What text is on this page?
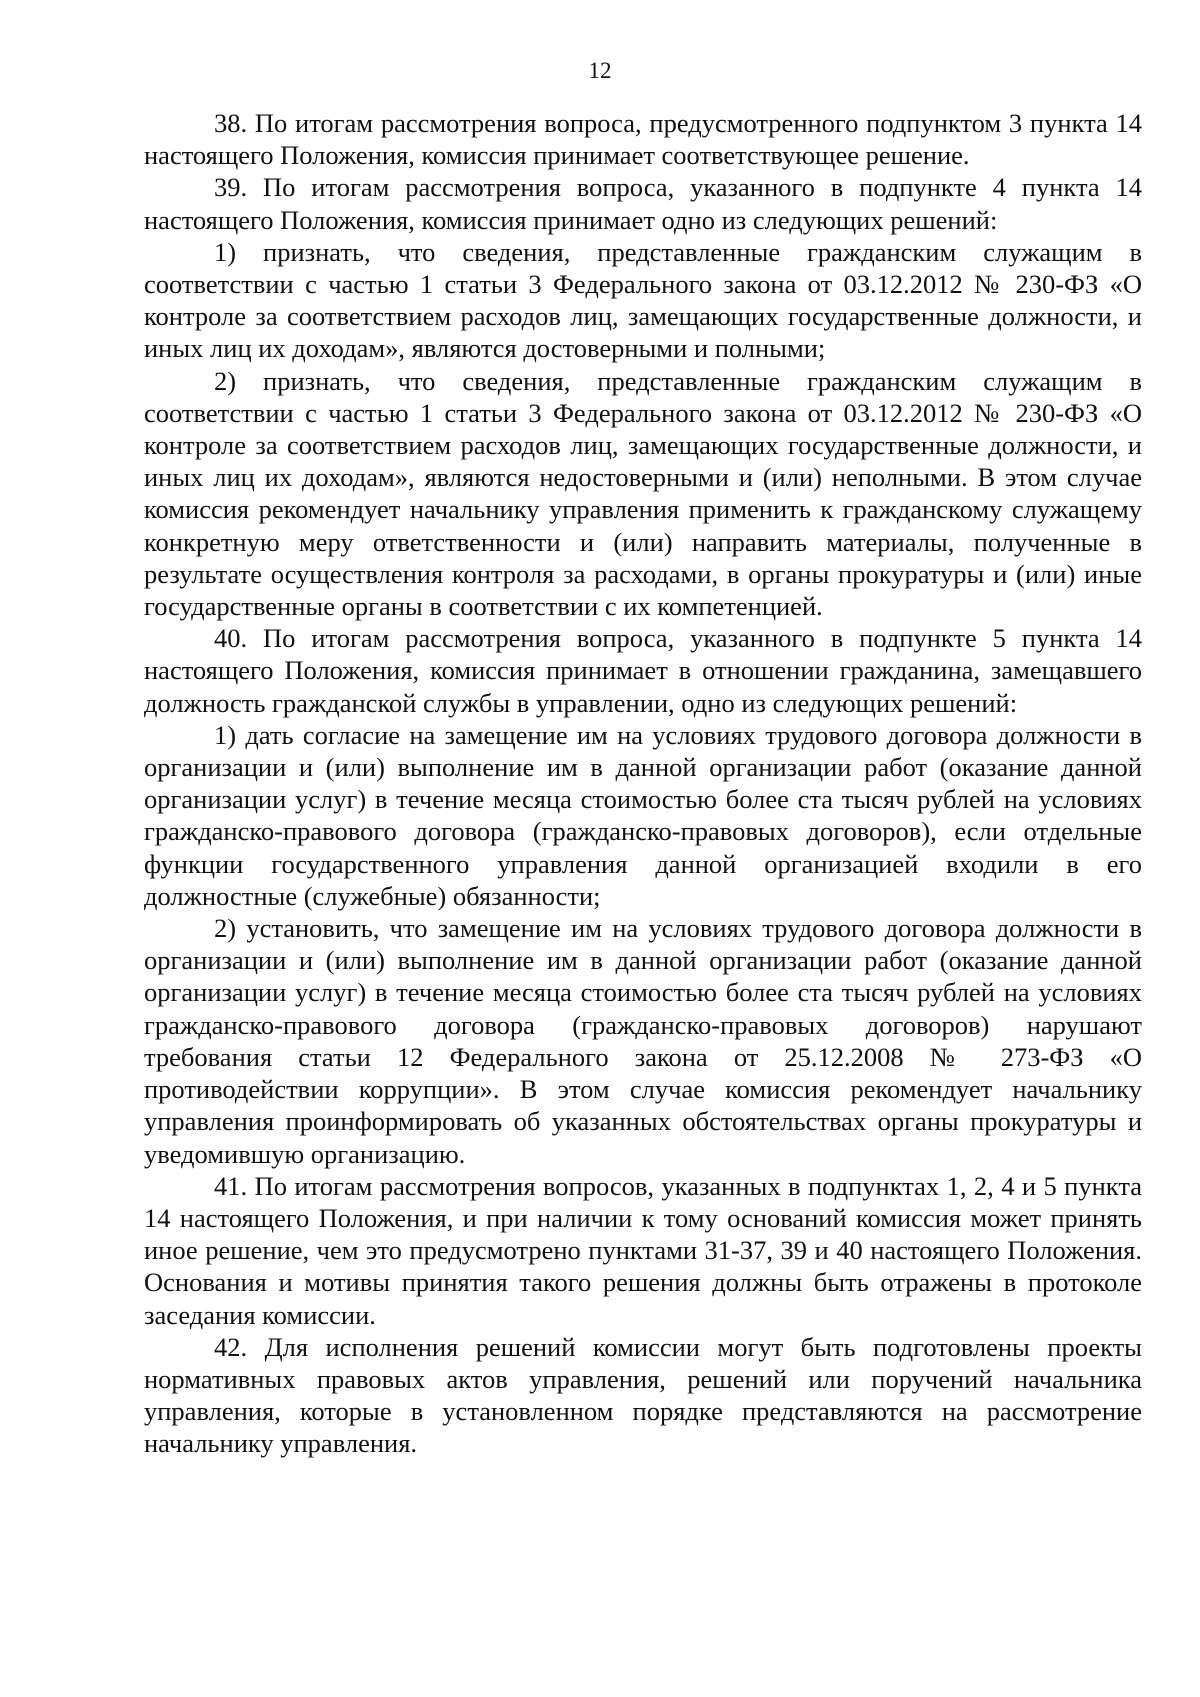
12

38. По итогам рассмотрения вопроса, предусмотренного подпунктом 3 пункта 14 настоящего Положения, комиссия принимает соответствующее решение.

39. По итогам рассмотрения вопроса, указанного в подпункте 4 пункта 14 настоящего Положения, комиссия принимает одно из следующих решений:

1) признать, что сведения, представленные гражданским служащим в соответствии с частью 1 статьи 3 Федерального закона от 03.12.2012 № 230-ФЗ «О контроле за соответствием расходов лиц, замещающих государственные должности, и иных лиц их доходам», являются достоверными и полными;

2) признать, что сведения, представленные гражданским служащим в соответствии с частью 1 статьи 3 Федерального закона от 03.12.2012 № 230-ФЗ «О контроле за соответствием расходов лиц, замещающих государственные должности, и иных лиц их доходам», являются недостоверными и (или) неполными. В этом случае комиссия рекомендует начальнику управления применить к гражданскому служащему конкретную меру ответственности и (или) направить материалы, полученные в результате осуществления контроля за расходами, в органы прокуратуры и (или) иные государственные органы в соответствии с их компетенцией.

40. По итогам рассмотрения вопроса, указанного в подпункте 5 пункта 14 настоящего Положения, комиссия принимает в отношении гражданина, замещавшего должность гражданской службы в управлении, одно из следующих решений:

1) дать согласие на замещение им на условиях трудового договора должности в организации и (или) выполнение им в данной организации работ (оказание данной организации услуг) в течение месяца стоимостью более ста тысяч рублей на условиях гражданско-правового договора (гражданско-правовых договоров), если отдельные функции государственного управления данной организацией входили в его должностные (служебные) обязанности;

2) установить, что замещение им на условиях трудового договора должности в организации и (или) выполнение им в данной организации работ (оказание данной организации услуг) в течение месяца стоимостью более ста тысяч рублей на условиях гражданско-правового договора (гражданско-правовых договоров) нарушают требования статьи 12 Федерального закона от 25.12.2008 № 273-ФЗ «О противодействии коррупции». В этом случае комиссия рекомендует начальнику управления проинформировать об указанных обстоятельствах органы прокуратуры и уведомившую организацию.

41. По итогам рассмотрения вопросов, указанных в подпунктах 1, 2, 4 и 5 пункта 14 настоящего Положения, и при наличии к тому оснований комиссия может принять иное решение, чем это предусмотрено пунктами 31-37, 39 и 40 настоящего Положения. Основания и мотивы принятия такого решения должны быть отражены в протоколе заседания комиссии.

42. Для исполнения решений комиссии могут быть подготовлены проекты нормативных правовых актов управления, решений или поручений начальника управления, которые в установленном порядке представляются на рассмотрение начальнику управления.
